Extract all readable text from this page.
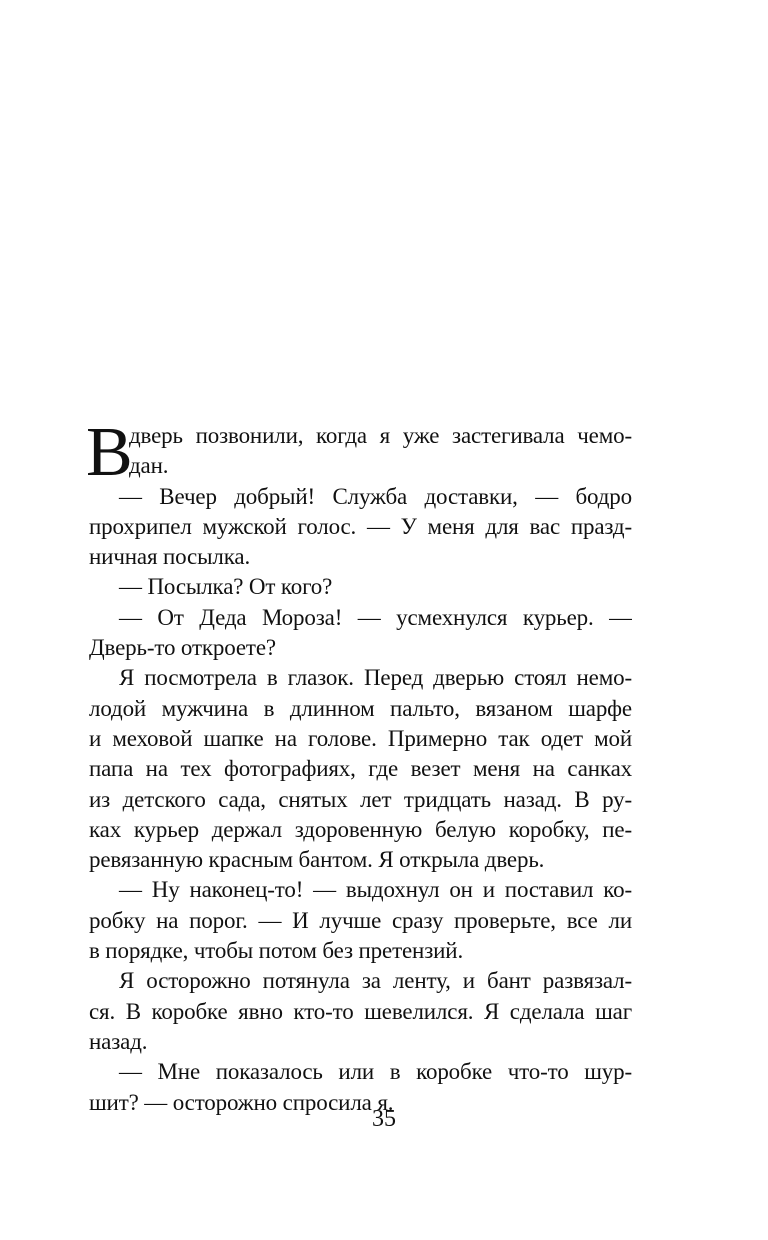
В
дверь позвонили, когда я уже застегивала чемо-
дан.
— Вечер добрый! Служба доставки, — бодро
прохрипел мужской голос. — У меня для вас празд-
ничная посылка.
— Посылка? От кого?
— От Деда Мороза! — усмехнулся курьер. —
Дверь-то откроете?
Я посмотрела в глазок. Перед дверью стоял немо-
лодой мужчина в длинном пальто, вязаном шарфе
и меховой шапке на голове. Примерно так одет мой
папа на тех фотографиях, где везет меня на санках
из детского сада, снятых лет тридцать назад. В ру-
ках курьер держал здоровенную белую коробку, пе-
ревязанную красным бантом. Я открыла дверь.
— Ну наконец-то! — выдохнул он и поставил ко-
робку на порог. — И лучше сразу проверьте, все ли
в порядке, чтобы потом без претензий.
Я осторожно потянула за ленту, и бант развязал-
ся. В коробке явно кто-то шевелился. Я сделала шаг
назад.
— Мне показалось или в коробке что-то шур-
шит? — осторожно спросила я.
35
